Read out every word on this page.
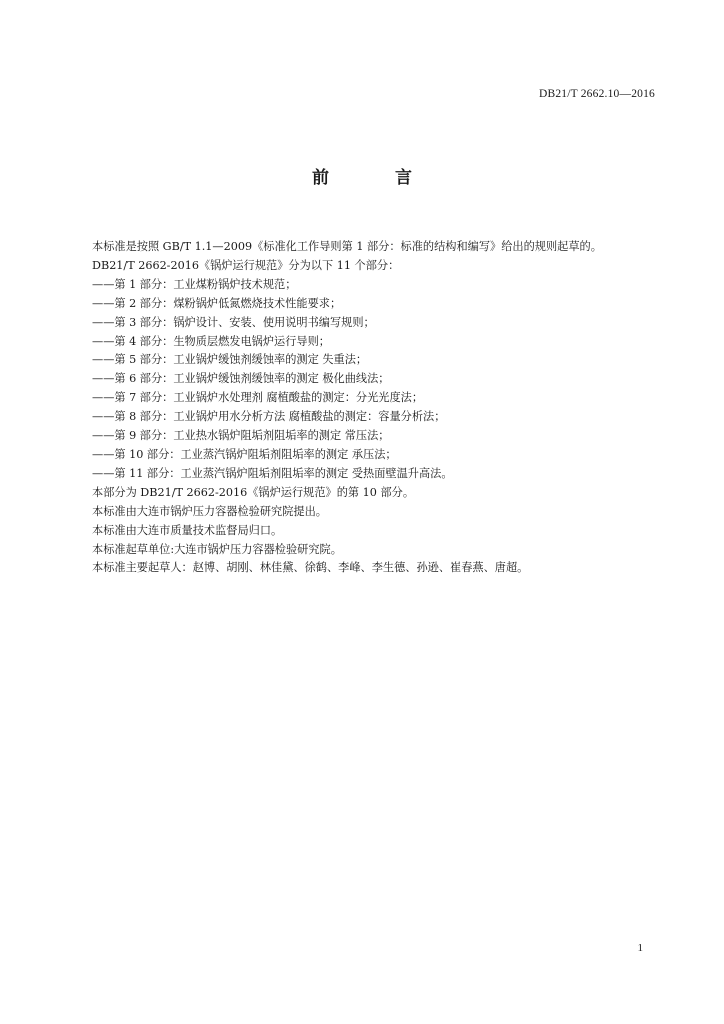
DB21/T 2662.10—2016
前 言
本标准是按照 GB/T 1.1—2009《标准化工作导则第 1 部分：标准的结构和编写》给出的规则起草的。
DB21/T 2662-2016《锅炉运行规范》分为以下 11 个部分：
——第 1 部分：工业煤粉锅炉技术规范；
——第 2 部分：煤粉锅炉低氮燃烧技术性能要求；
——第 3 部分：锅炉设计、安装、使用说明书编写规则；
——第 4 部分：生物质层燃发电锅炉运行导则；
——第 5 部分：工业锅炉缓蚀剂缓蚀率的测定 失重法；
——第 6 部分：工业锅炉缓蚀剂缓蚀率的测定 极化曲线法；
——第 7 部分：工业锅炉水处理剂 腐植酸盐的测定：分光光度法；
——第 8 部分：工业锅炉用水分析方法 腐植酸盐的测定：容量分析法；
——第 9 部分：工业热水锅炉阻垢剂阻垢率的测定 常压法；
——第 10 部分：工业蒸汽锅炉阻垢剂阻垢率的测定 承压法；
——第 11 部分：工业蒸汽锅炉阻垢剂阻垢率的测定 受热面壁温升高法。
本部分为 DB21/T 2662-2016《锅炉运行规范》的第 10 部分。
本标准由大连市锅炉压力容器检验研究院提出。
本标准由大连市质量技术监督局归口。
本标准起草单位:大连市锅炉压力容器检验研究院。
本标准主要起草人：赵博、胡刚、林佳黛、徐鹤、李峰、李生德、孙逊、崔春燕、唐超。
1
